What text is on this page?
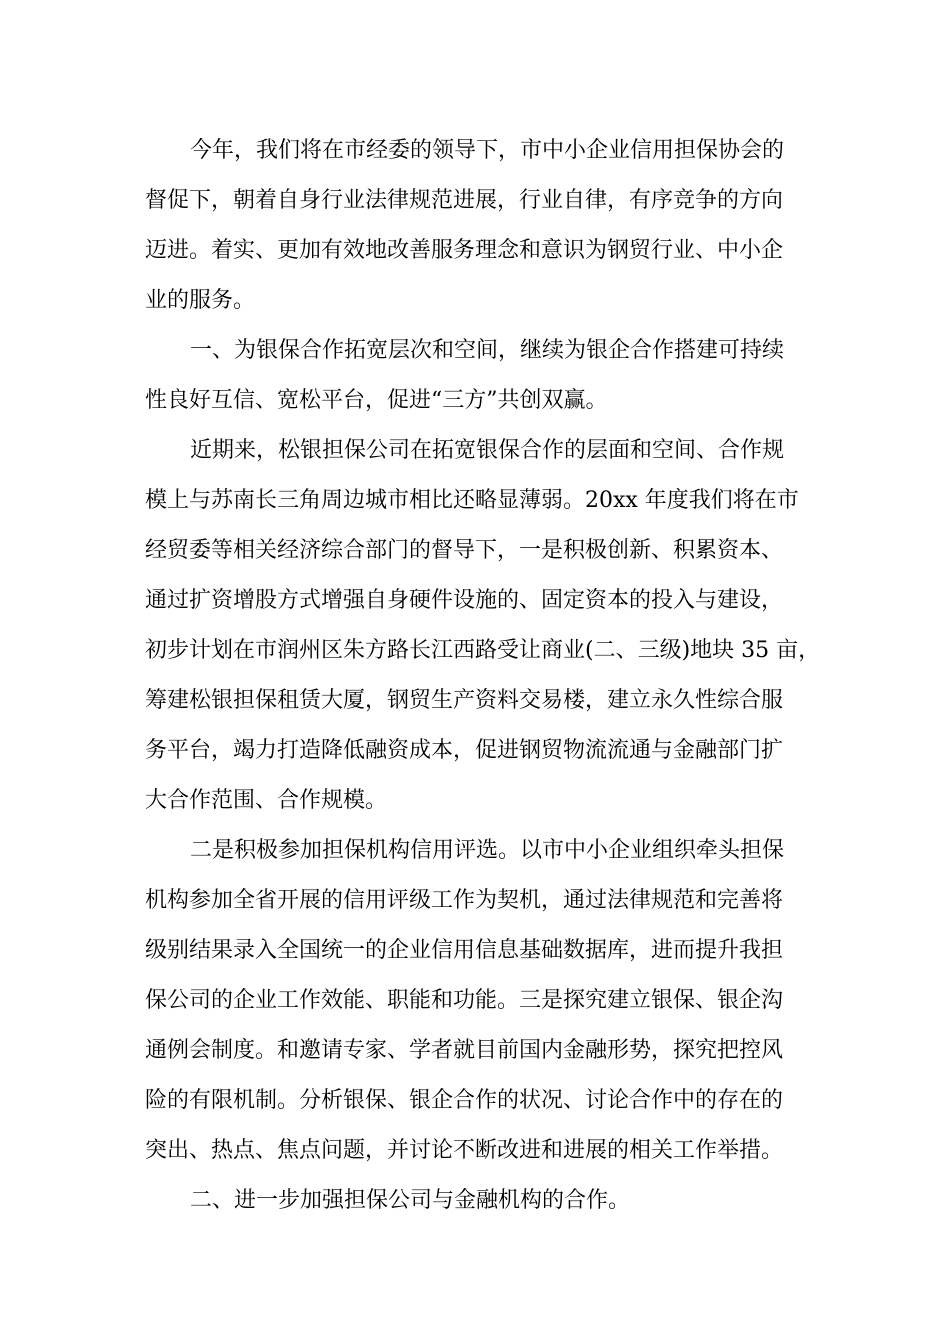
今年，我们将在市经委的领导下，市中小企业信用担保协会的
督促下，朝着自身行业法律规范进展，行业自律，有序竞争的方向
迈进。着实、更加有效地改善服务理念和意识为钢贸行业、中小企
业的服务。
一、为银保合作拓宽层次和空间，继续为银企合作搭建可持续
性良好互信、宽松平台，促进“三方”共创双赢。
近期来，松银担保公司在拓宽银保合作的层面和空间、合作规
模上与苏南长三角周边城市相比还略显薄弱。20xx 年度我们将在市
经贸委等相关经济综合部门的督导下，一是积极创新、积累资本、
通过扩资增股方式增强自身硬件设施的、固定资本的投入与建设，
初步计划在市润州区朱方路长江西路受让商业(二、三级)地块 35 亩，
筹建松银担保租赁大厦，钢贸生产资料交易楼，建立永久性综合服
务平台，竭力打造降低融资成本，促进钢贸物流流通与金融部门扩
大合作范围、合作规模。
二是积极参加担保机构信用评选。以市中小企业组织牵头担保
机构参加全省开展的信用评级工作为契机，通过法律规范和完善将
级别结果录入全国统一的企业信用信息基础数据库，进而提升我担
保公司的企业工作效能、职能和功能。三是探究建立银保、银企沟
通例会制度。和邀请专家、学者就目前国内金融形势，探究把控风
险的有限机制。分析银保、银企合作的状况、讨论合作中的存在的
突出、热点、焦点问题，并讨论不断改进和进展的相关工作举措。
二、进一步加强担保公司与金融机构的合作。
